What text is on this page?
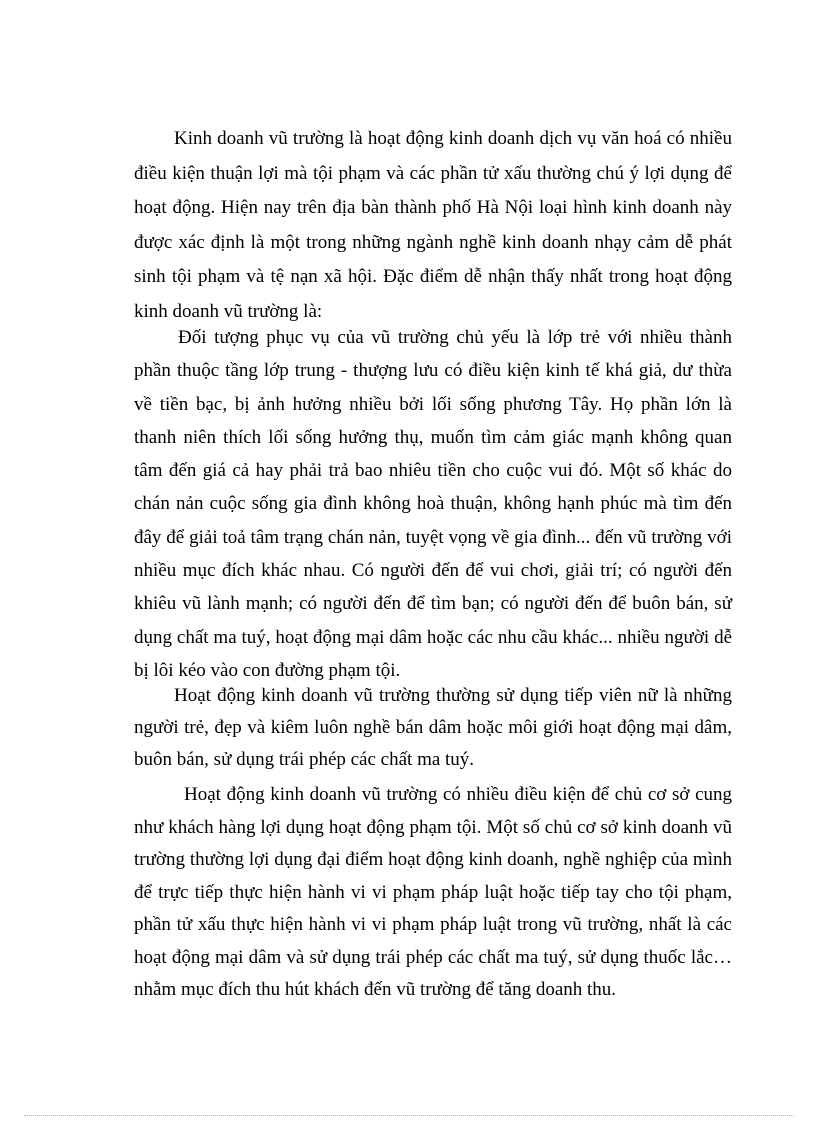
Kinh doanh vũ trường là hoạt động kinh doanh dịch vụ văn hoá có nhiều điều kiện thuận lợi mà tội phạm và các phần tử xấu thường chú ý lợi dụng để hoạt động. Hiện nay trên địa bàn thành phố Hà Nội loại hình kinh doanh này được xác định là một trong những ngành nghề kinh doanh nhạy cảm dễ phát sinh tội phạm và tệ nạn xã hội. Đặc điểm dễ nhận thấy nhất trong hoạt động kinh doanh vũ trường là:

Đối tượng phục vụ của vũ trường chủ yếu là lớp trẻ với nhiều thành phần thuộc tầng lớp trung - thượng lưu có điều kiện kinh tế khá giả, dư thừa về tiền bạc, bị ảnh hưởng nhiều bởi lối sống phương Tây. Họ phần lớn là thanh niên thích lối sống hưởng thụ, muốn tìm cảm giác mạnh không quan tâm đến giá cả hay phải trả bao nhiêu tiền cho cuộc vui đó. Một số khác do chán nản cuộc sống gia đình không hoà thuận, không hạnh phúc mà tìm đến đây để giải toả tâm trạng chán nản, tuyệt vọng về gia đình... đến vũ trường với nhiều mục đích khác nhau. Có người đến để vui chơi, giải trí; có người đến khiêu vũ lành mạnh; có người đến để tìm bạn; có người đến để buôn bán, sử dụng chất ma tuý, hoạt động mại dâm hoặc các nhu cầu khác... nhiều người dễ bị lôi kéo vào con đường phạm tội.

Hoạt động kinh doanh vũ trường thường sử dụng tiếp viên nữ là những người trẻ, đẹp và kiêm luôn nghề bán dâm hoặc môi giới hoạt động mại dâm, buôn bán, sử dụng trái phép các chất ma tuý.

Hoạt động kinh doanh vũ trường có nhiều điều kiện để chủ cơ sở cung như khách hàng lợi dụng hoạt động phạm tội. Một số chủ cơ sở kinh doanh vũ trường thường lợi dụng đại điểm hoạt động kinh doanh, nghề nghiệp của mình để trực tiếp thực hiện hành vi vi phạm pháp luật hoặc tiếp tay cho tội phạm, phần tử xấu thực hiện hành vi vi phạm pháp luật trong vũ trường, nhất là các hoạt động mại dâm và sử dụng trái phép các chất ma tuý, sử dụng thuốc lắc… nhằm mục đích thu hút khách đến vũ trường để tăng doanh thu.
